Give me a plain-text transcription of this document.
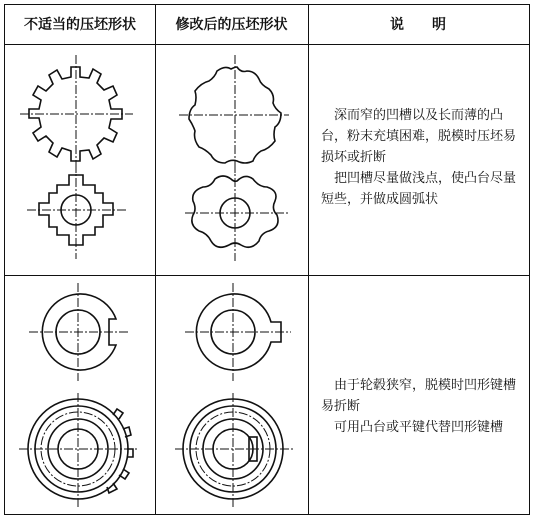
不适当的压坯形状	修改后的压坯形状	说　　明

深而窄的凹槽以及长而薄的凸台，粉末充填困难，脱模时压坯易损坏或折断

把凹槽尽量做浅点，使凸台尽量短些，并做成圆弧状

由于轮毂狭窄，脱模时凹形键槽易折断

可用凸台或平键代替凹形键槽
